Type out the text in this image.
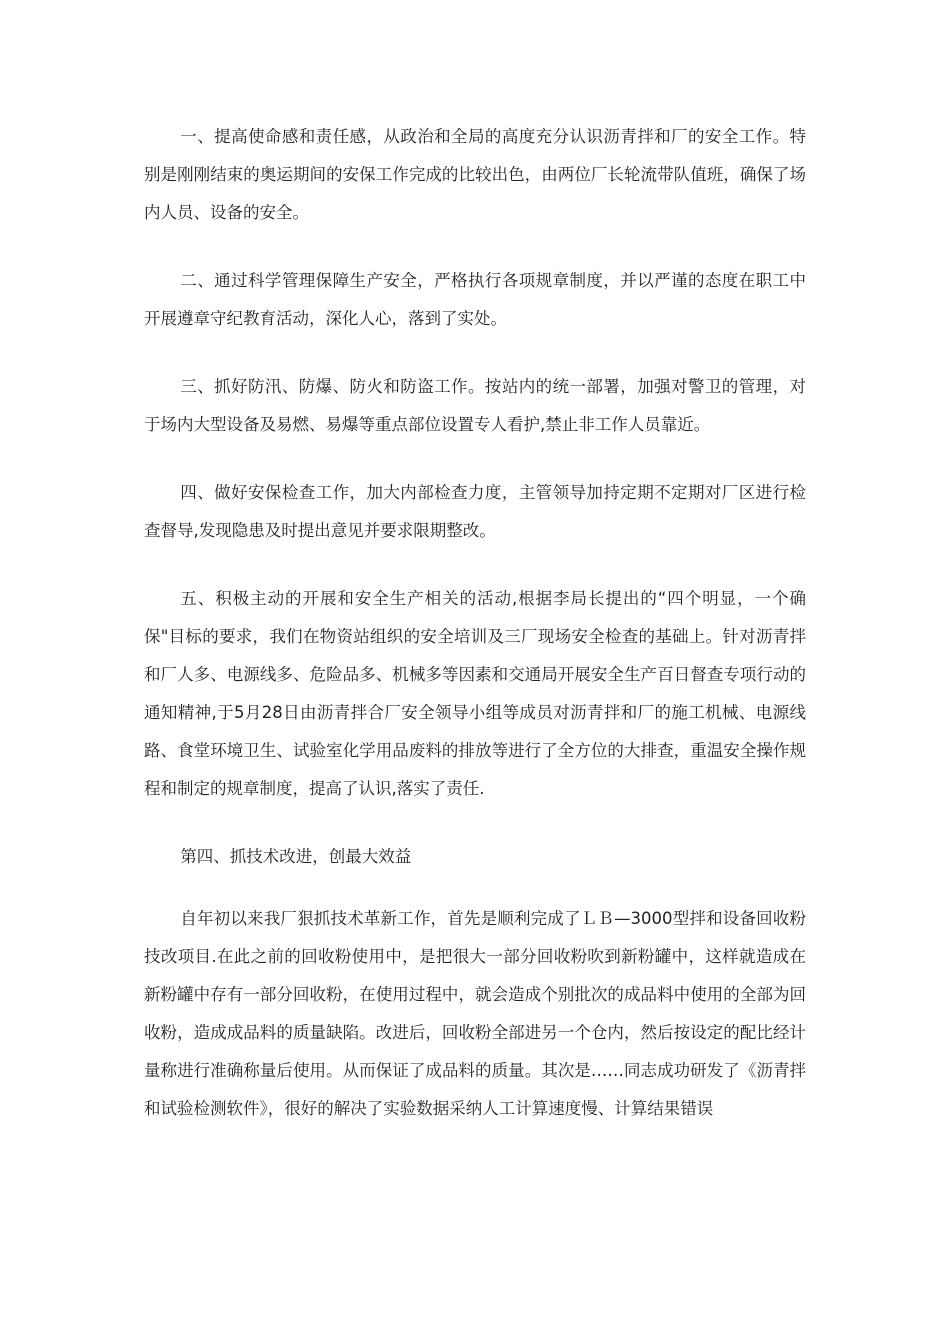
一、提高使命感和责任感，从政治和全局的高度充分认识沥青拌和厂的安全工作。特别是刚刚结束的奥运期间的安保工作完成的比较出色，由两位厂长轮流带队值班，确保了场内人员、设备的安全。

二、通过科学管理保障生产安全，严格执行各项规章制度，并以严谨的态度在职工中开展遵章守纪教育活动，深化人心，落到了实处。

三、抓好防汛、防爆、防火和防盗工作。按站内的统一部署，加强对警卫的管理，对于场内大型设备及易燃、易爆等重点部位设置专人看护,禁止非工作人员靠近。

四、做好安保检查工作，加大内部检查力度，主管领导加持定期不定期对厂区进行检查督导,发现隐患及时提出意见并要求限期整改。

五、积极主动的开展和安全生产相关的活动,根据李局长提出的“四个明显，一个确保"目标的要求，我们在物资站组织的安全培训及三厂现场安全检查的基础上。针对沥青拌和厂人多、电源线多、危险品多、机械多等因素和交通局开展安全生产百日督查专项行动的通知精神,于5月28日由沥青拌合厂安全领导小组等成员对沥青拌和厂的施工机械、电源线路、食堂环境卫生、试验室化学用品废料的排放等进行了全方位的大排查，重温安全操作规程和制定的规章制度，提高了认识,落实了责任.

第四、抓技术改进，创最大效益

自年初以来我厂狠抓技术革新工作，首先是顺利完成了ＬＢ—3000型拌和设备回收粉技改项目.在此之前的回收粉使用中，是把很大一部分回收粉吹到新粉罐中，这样就造成在新粉罐中存有一部分回收粉，在使用过程中，就会造成个别批次的成品料中使用的全部为回收粉，造成成品料的质量缺陷。改进后，回收粉全部进另一个仓内，然后按设定的配比经计量称进行准确称量后使用。从而保证了成品料的质量。其次是……同志成功研发了《沥青拌和试验检测软件》，很好的解决了实验数据采纳人工计算速度慢、计算结果错误
